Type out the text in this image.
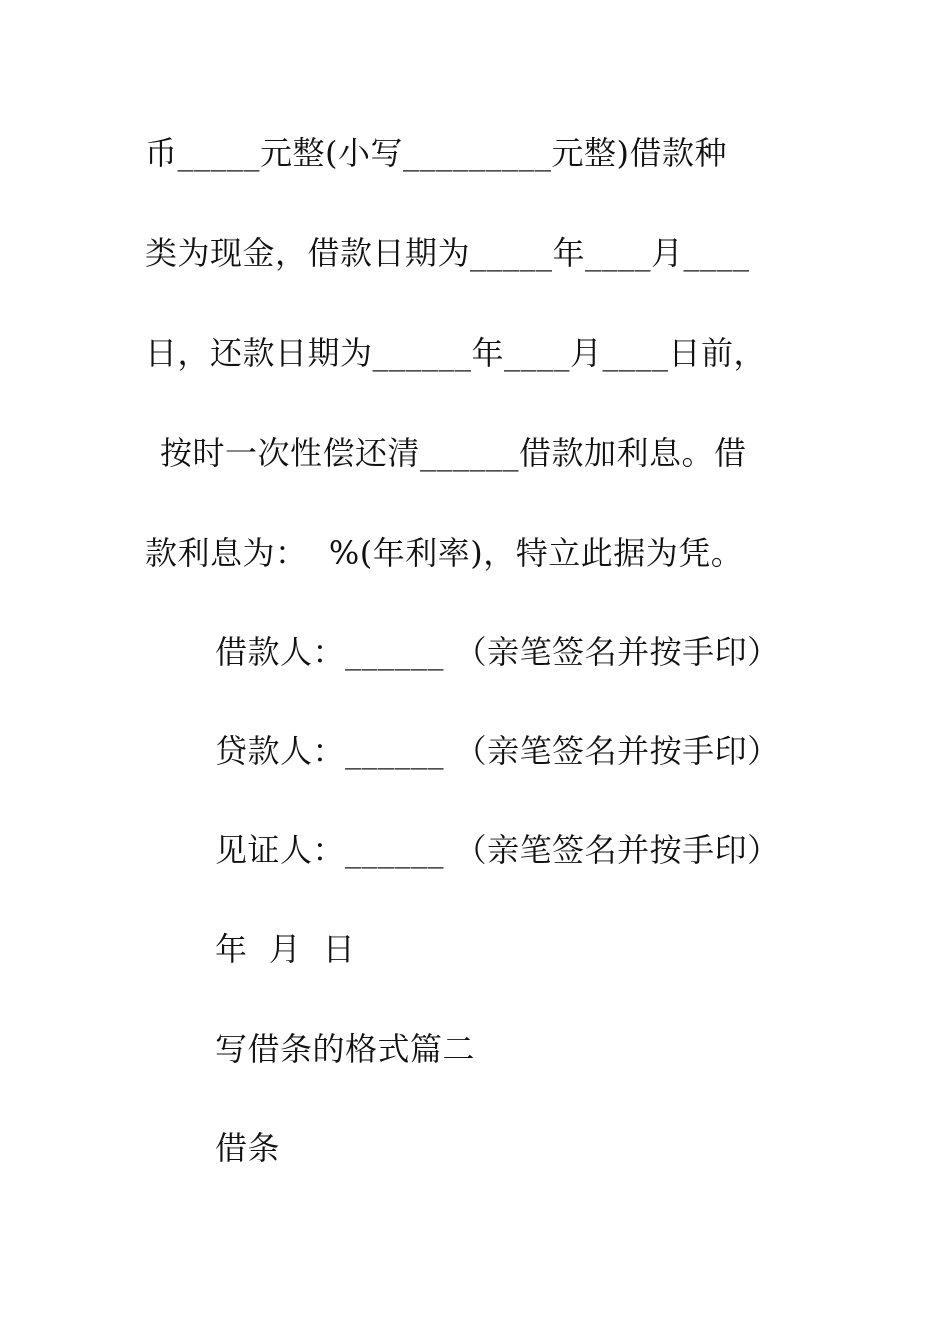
币_____元整(小写_________元整)借款种
类为现金，借款日期为_____年____月____
日，还款日期为______年____月____日前，
按时一次性偿还清______借款加利息。借
款利息为：  %(年利率)，特立此据为凭。
借款人：______ （亲笔签名并按手印）
贷款人：______ （亲笔签名并按手印）
见证人：______ （亲笔签名并按手印）
年  月  日
写借条的格式篇二
借条
